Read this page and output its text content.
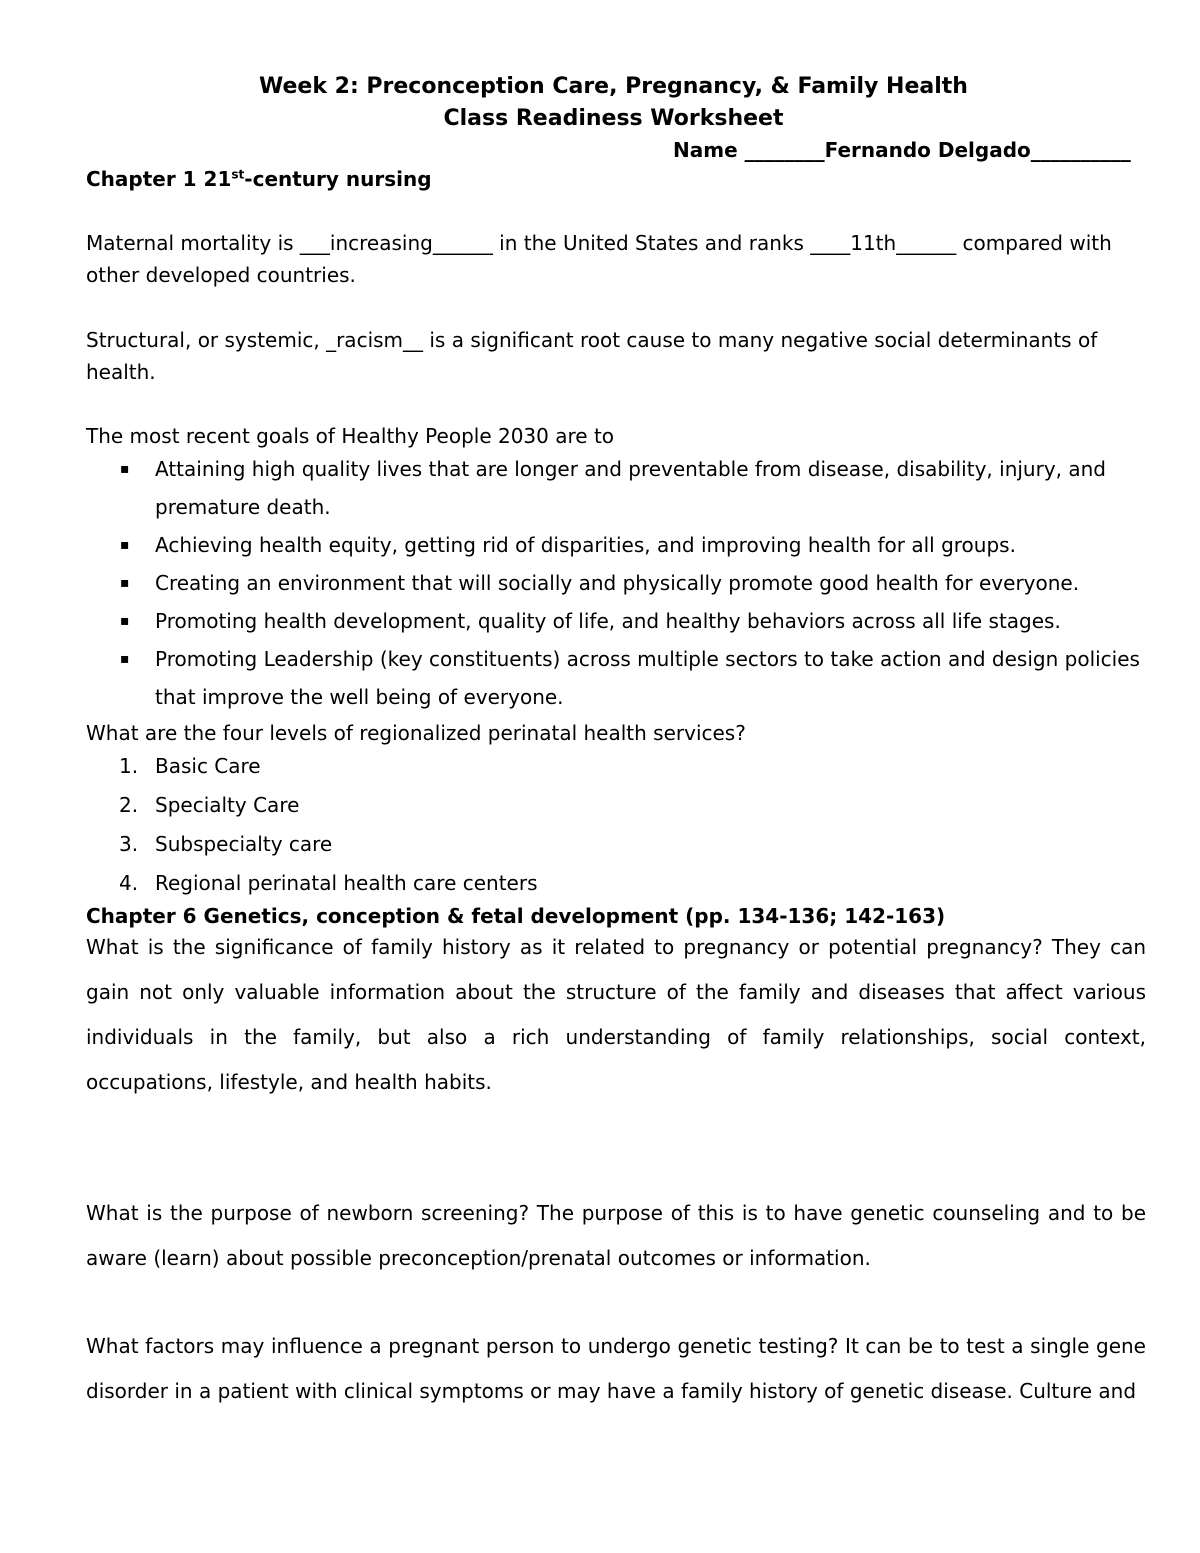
Week 2: Preconception Care, Pregnancy, & Family Health
Class Readiness Worksheet
Name ________Fernando Delgado__________
Chapter 1 21st-century nursing
Maternal mortality is ___increasing______ in the United States and ranks ____11th______ compared with other developed countries.
Structural, or systemic, _racism__ is a significant root cause to many negative social determinants of health.
The most recent goals of Healthy People 2030 are to
▪ Attaining high quality lives that are longer and preventable from disease, disability, injury, and premature death.
▪ Achieving health equity, getting rid of disparities, and improving health for all groups.
▪ Creating an environment that will socially and physically promote good health for everyone.
▪ Promoting health development, quality of life, and healthy behaviors across all life stages.
▪ Promoting Leadership (key constituents) across multiple sectors to take action and design policies that improve the well being of everyone.
What are the four levels of regionalized perinatal health services?
1. Basic Care
2. Specialty Care
3. Subspecialty care
4. Regional perinatal health care centers
Chapter 6 Genetics, conception & fetal development (pp. 134-136; 142-163)
What is the significance of family history as it related to pregnancy or potential pregnancy? They can gain not only valuable information about the structure of the family and diseases that affect various individuals in the family, but also a rich understanding of family relationships, social context, occupations, lifestyle, and health habits.
What is the purpose of newborn screening? The purpose of this is to have genetic counseling and to be aware (learn) about possible preconception/prenatal outcomes or information.
What factors may influence a pregnant person to undergo genetic testing? It can be to test a single gene disorder in a patient with clinical symptoms or may have a family history of genetic disease. Culture and
